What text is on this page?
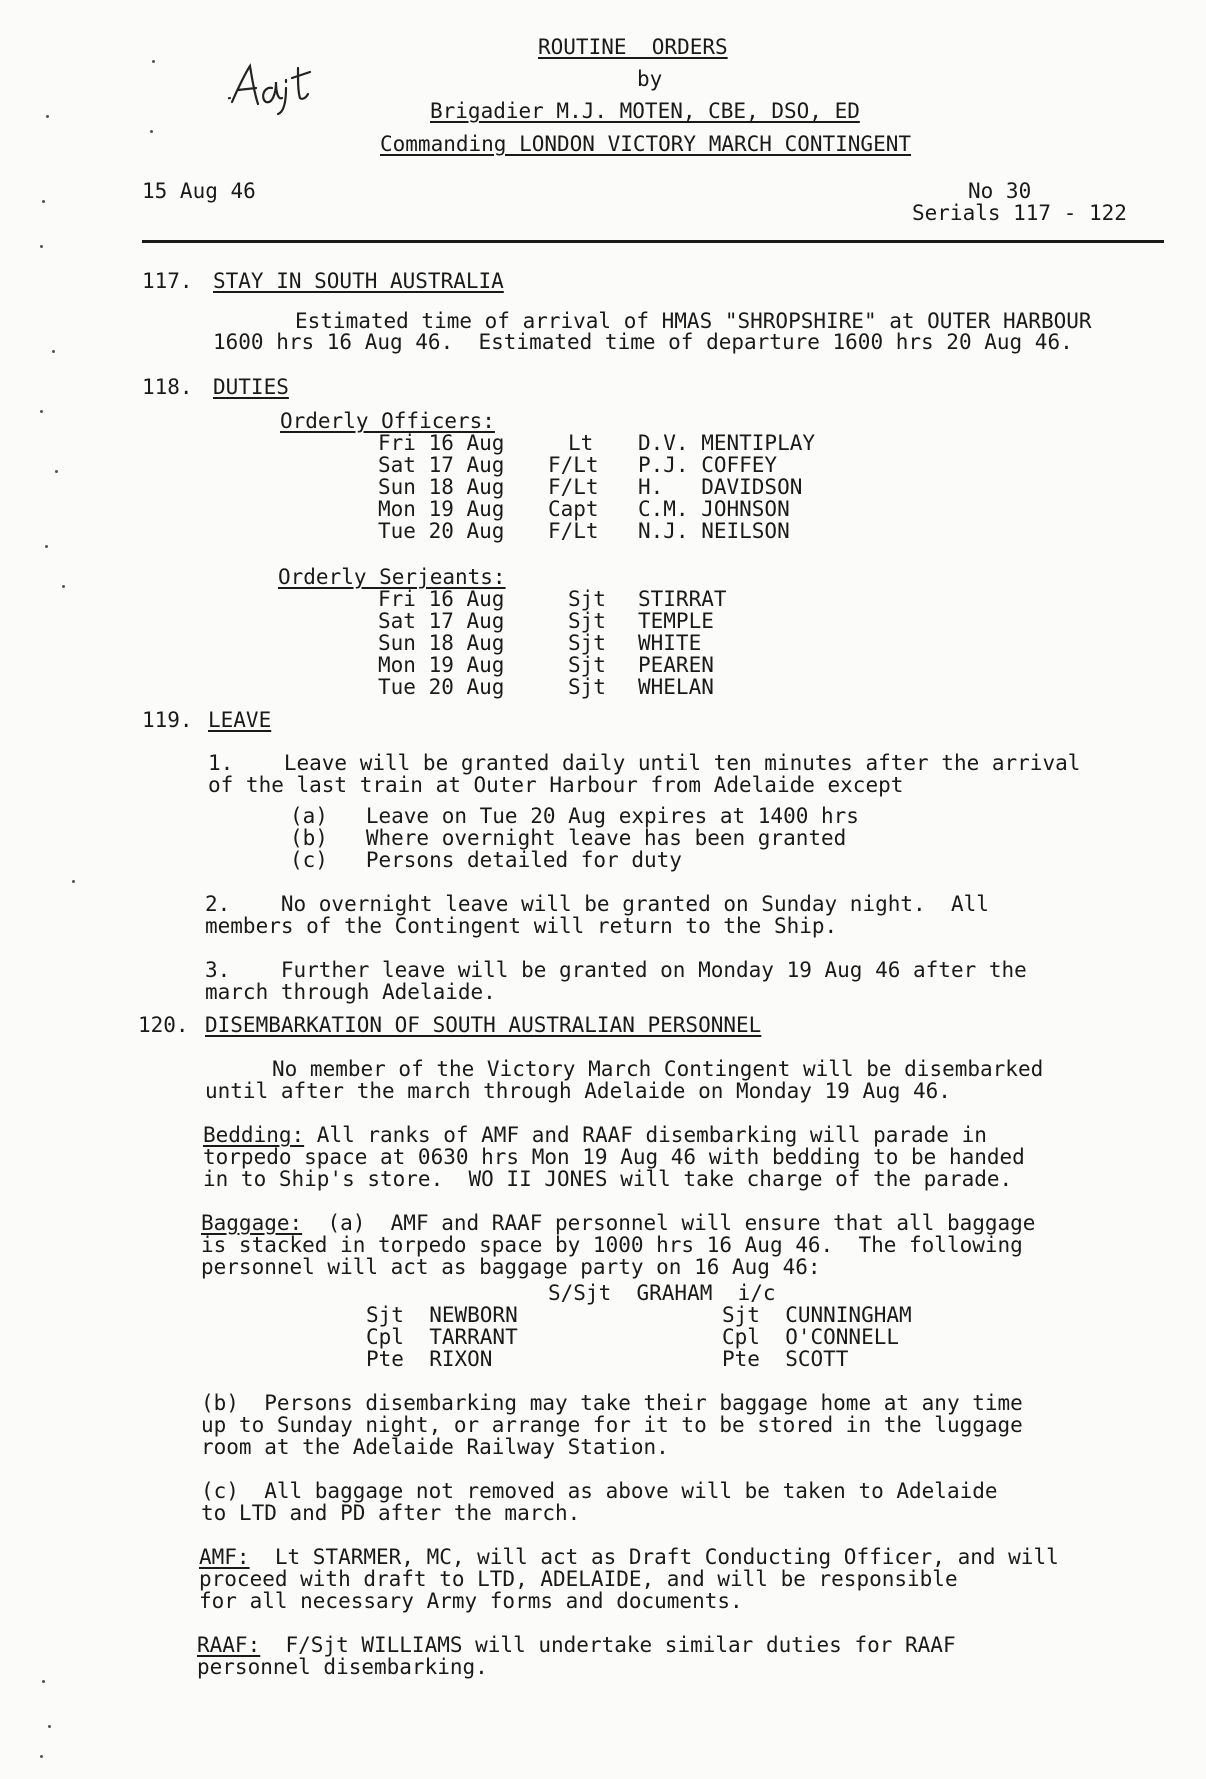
ROUTINE  ORDERS
by
Brigadier M.J. MOTEN, CBE, DSO, ED
Commanding LONDON VICTORY MARCH CONTINGENT
15 Aug 46	No 30
Serials 117 - 122
117. STAY IN SOUTH AUSTRALIA
Estimated time of arrival of HMAS "SHROPSHIRE" at OUTER HARBOUR
1600 hrs 16 Aug 46.  Estimated time of departure 1600 hrs 20 Aug 46.
118. DUTIES
Orderly Officers:
Fri 16 Aug	Lt D.V. MENTIPLAY
Sat 17 Aug F/Lt P.J. COFFEY
Sun 18 Aug F/Lt H.   DAVIDSON
Mon 19 Aug Capt C.M. JOHNSON
Tue 20 Aug F/Lt N.J. NEILSON
Orderly Serjeants:
Fri 16 Aug	Sjt STIRRAT
Sat 17 Aug	Sjt TEMPLE
Sun 18 Aug	Sjt WHITE
Mon 19 Aug	Sjt PEAREN
Tue 20 Aug	Sjt WHELAN
119. LEAVE
1.    Leave will be granted daily until ten minutes after the arrival
of the last train at Outer Harbour from Adelaide except
(a)   Leave on Tue 20 Aug expires at 1400 hrs
(b)   Where overnight leave has been granted
(c)   Persons detailed for duty
2.    No overnight leave will be granted on Sunday night.  All
members of the Contingent will return to the Ship.
3.    Further leave will be granted on Monday 19 Aug 46 after the
march through Adelaide.
120. DISEMBARKATION OF SOUTH AUSTRALIAN PERSONNEL
No member of the Victory March Contingent will be disembarked
until after the march through Adelaide on Monday 19 Aug 46.
Bedding: All ranks of AMF and RAAF disembarking will parade in
torpedo space at 0630 hrs Mon 19 Aug 46 with bedding to be handed
in to Ship's store.  WO II JONES will take charge of the parade.
Baggage:  (a)  AMF and RAAF personnel will ensure that all baggage
is stacked in torpedo space by 1000 hrs 16 Aug 46.  The following
personnel will act as baggage party on 16 Aug 46:
S/Sjt  GRAHAM  i/c
Sjt  NEWBORN	Sjt  CUNNINGHAM
Cpl  TARRANT	Cpl  O'CONNELL
Pte  RIXON	Pte  SCOTT
(b)  Persons disembarking may take their baggage home at any time
up to Sunday night, or arrange for it to be stored in the luggage
room at the Adelaide Railway Station.
(c)  All baggage not removed as above will be taken to Adelaide
to LTD and PD after the march.
AMF:  Lt STARMER, MC, will act as Draft Conducting Officer, and will
proceed with draft to LTD, ADELAIDE, and will be responsible
for all necessary Army forms and documents.
RAAF:  F/Sjt WILLIAMS will undertake similar duties for RAAF
personnel disembarking.
